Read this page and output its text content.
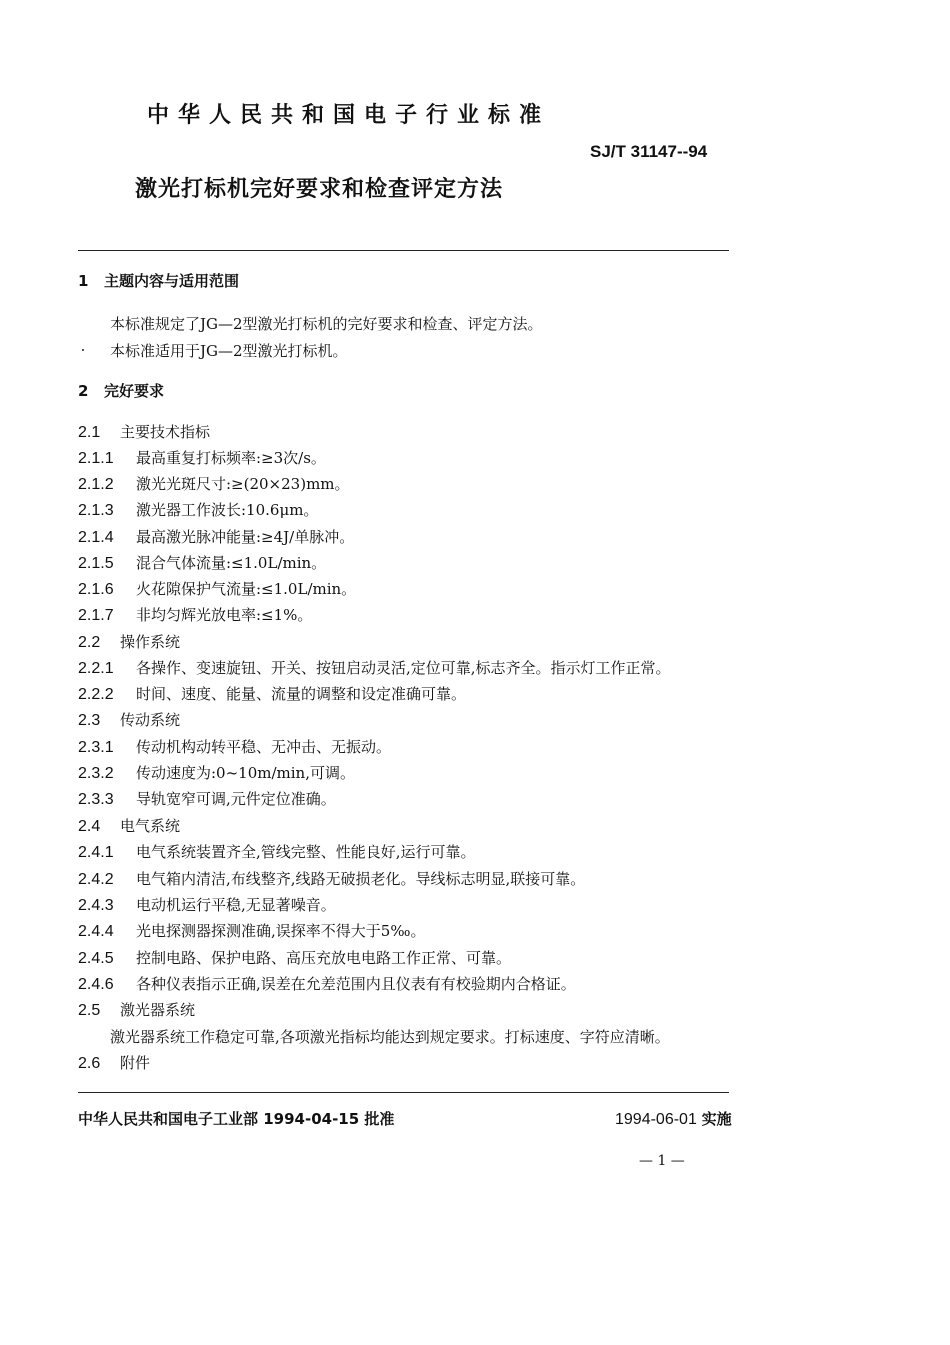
中华人民共和国电子行业标准
SJ/T 31147--94
激光打标机完好要求和检查评定方法
1 主题内容与适用范围
本标准规定了JG—2型激光打标机的完好要求和检查、评定方法。
本标准适用于JG—2型激光打标机。
2 完好要求
2.1 主要技术指标
2.1.1 最高重复打标频率:≥3次/s。
2.1.2 激光光斑尺寸:≥(20×23)mm。
2.1.3 激光器工作波长:10.6μm。
2.1.4 最高激光脉冲能量:≥4J/单脉冲。
2.1.5 混合气体流量:≤1.0L/min。
2.1.6 火花隙保护气流量:≤1.0L/min。
2.1.7 非均匀辉光放电率:≤1%。
2.2 操作系统
2.2.1 各操作、变速旋钮、开关、按钮启动灵活,定位可靠,标志齐全。指示灯工作正常。
2.2.2 时间、速度、能量、流量的调整和设定准确可靠。
2.3 传动系统
2.3.1 传动机构动转平稳、无冲击、无振动。
2.3.2 传动速度为:0~10m/min,可调。
2.3.3 导轨宽窄可调,元件定位准确。
2.4 电气系统
2.4.1 电气系统装置齐全,管线完整、性能良好,运行可靠。
2.4.2 电气箱内清洁,布线整齐,线路无破损老化。导线标志明显,联接可靠。
2.4.3 电动机运行平稳,无显著噪音。
2.4.4 光电探测器探测准确,误探率不得大于5‰。
2.4.5 控制电路、保护电路、高压充放电电路工作正常、可靠。
2.4.6 各种仪表指示正确,误差在允差范围内且仪表有有校验期内合格证。
2.5 激光器系统
激光器系统工作稳定可靠,各项激光指标均能达到规定要求。打标速度、字符应清晰。
2.6 附件
中华人民共和国电子工业部 1994-04-15 批准	1994-06-01 实施
— 1 —
